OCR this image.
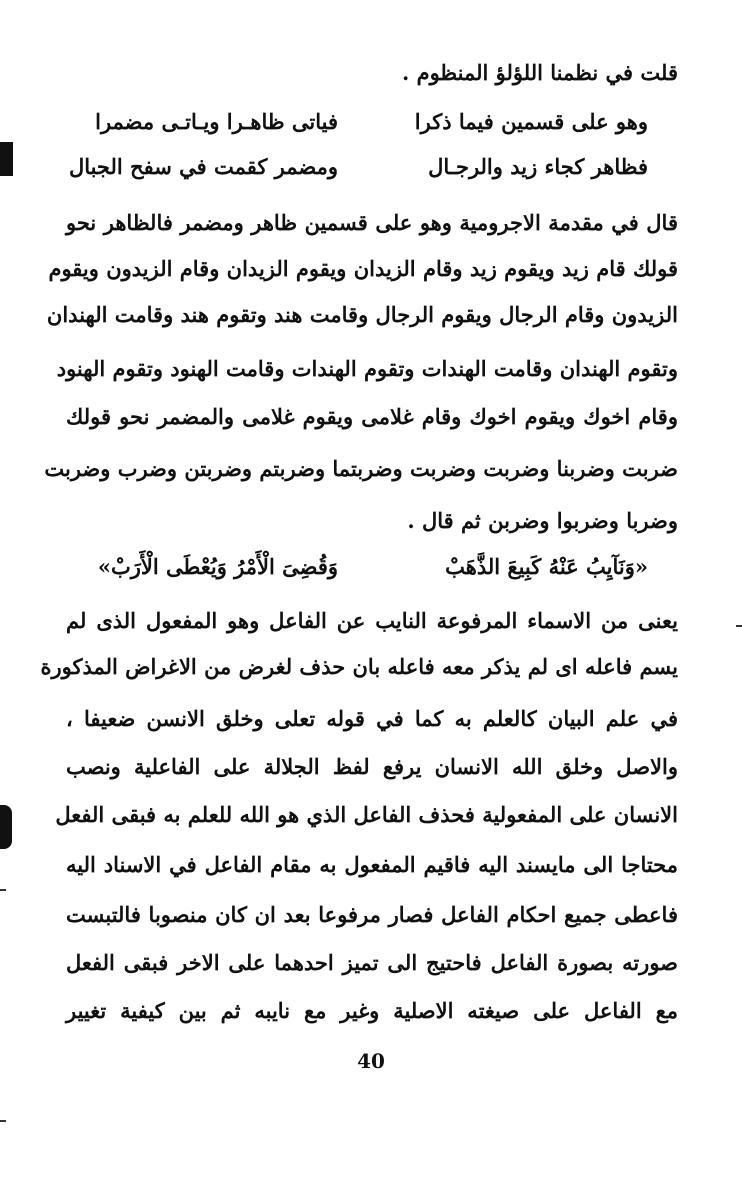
قلت في نظمنا اللؤلؤ المنظوم .
وهو على قسمين فيما ذكرا
فياتى ظاهـرا ويـاتـى مضمرا
فظاهر كجاء زيد والرجـال
ومضمر كقمت في سفح الجبال
قال في مقدمة الاجرومية وهو على قسمين ظاهر ومضمر فالظاهر نحو
قولك قام زيد ويقوم زيد وقام الزيدان ويقوم الزيدان وقام الزيدون ويقوم
الزيدون وقام الرجال ويقوم الرجال وقامت هند وتقوم هند وقامت الهندان
وتقوم الهندان وقامت الهندات وتقوم الهندات وقامت الهنود وتقوم الهنود
وقام اخوك ويقوم اخوك وقام غلامى ويقوم غلامى والمضمر نحو قولك
ضربت وضربنا وضربت وضربت وضربتما وضربتم وضربتن وضرب وضربت
وضربا وضربوا وضربن ثم قال .
«وَنَآيِبُ عَنْهُ كَبِيعَ الذَّهَبْ
وَقُضِىَ الْأَمْرُ وَيُعْطَى الْأَرَبْ»
يعنى من الاسماء المرفوعة النايب عن الفاعل وهو المفعول الذى لم
يسم فاعله اى لم يذكر معه فاعله بان حذف لغرض من الاغراض المذكورة
في علم البيان كالعلم به كما في قوله تعلى وخلق الانسن ضعيفا ،
والاصل وخلق الله الانسان يرفع لفظ الجلالة على الفاعلية ونصب
الانسان على المفعولية فحذف الفاعل الذي هو الله للعلم به فبقى الفعل
محتاجا الى مايسند اليه فاقيم المفعول به مقام الفاعل في الاسناد اليه
فاعطى جميع احكام الفاعل فصار مرفوعا بعد ان كان منصوبا فالتبست
صورته بصورة الفاعل فاحتيج الى تميز احدهما على الاخر فبقى الفعل
مع الفاعل على صيغته الاصلية وغير مع نايبه ثم بين كيفية تغيير
40
